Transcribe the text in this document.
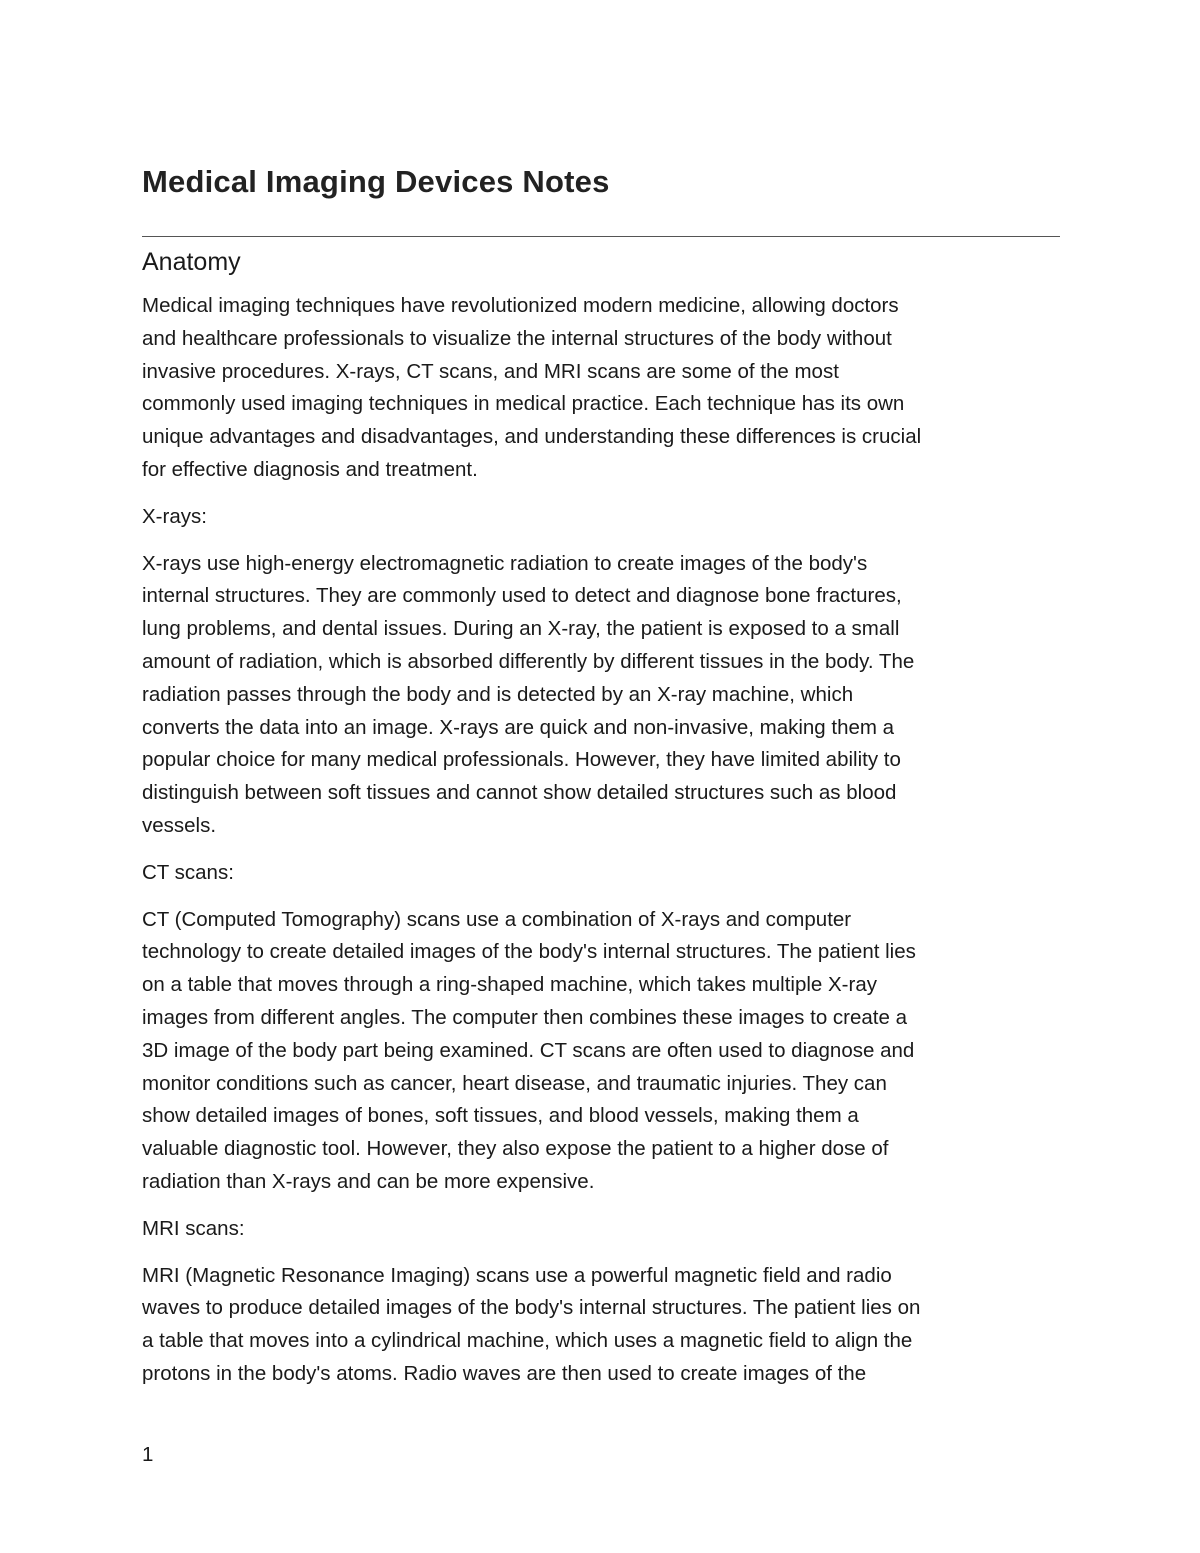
Medical Imaging Devices Notes
Anatomy

Medical imaging techniques have revolutionized modern medicine, allowing doctors
and healthcare professionals to visualize the internal structures of the body without
invasive procedures. X-rays, CT scans, and MRI scans are some of the most
commonly used imaging techniques in medical practice. Each technique has its own
unique advantages and disadvantages, and understanding these differences is crucial
for effective diagnosis and treatment.

X-rays:

X-rays use high-energy electromagnetic radiation to create images of the body's
internal structures. They are commonly used to detect and diagnose bone fractures,
lung problems, and dental issues. During an X-ray, the patient is exposed to a small
amount of radiation, which is absorbed differently by different tissues in the body. The
radiation passes through the body and is detected by an X-ray machine, which
converts the data into an image. X-rays are quick and non-invasive, making them a
popular choice for many medical professionals. However, they have limited ability to
distinguish between soft tissues and cannot show detailed structures such as blood
vessels.

CT scans:

CT (Computed Tomography) scans use a combination of X-rays and computer
technology to create detailed images of the body's internal structures. The patient lies
on a table that moves through a ring-shaped machine, which takes multiple X-ray
images from different angles. The computer then combines these images to create a
3D image of the body part being examined. CT scans are often used to diagnose and
monitor conditions such as cancer, heart disease, and traumatic injuries. They can
show detailed images of bones, soft tissues, and blood vessels, making them a
valuable diagnostic tool. However, they also expose the patient to a higher dose of
radiation than X-rays and can be more expensive.

MRI scans:

MRI (Magnetic Resonance Imaging) scans use a powerful magnetic field and radio
waves to produce detailed images of the body's internal structures. The patient lies on
a table that moves into a cylindrical machine, which uses a magnetic field to align the
protons in the body's atoms. Radio waves are then used to create images of the

1
